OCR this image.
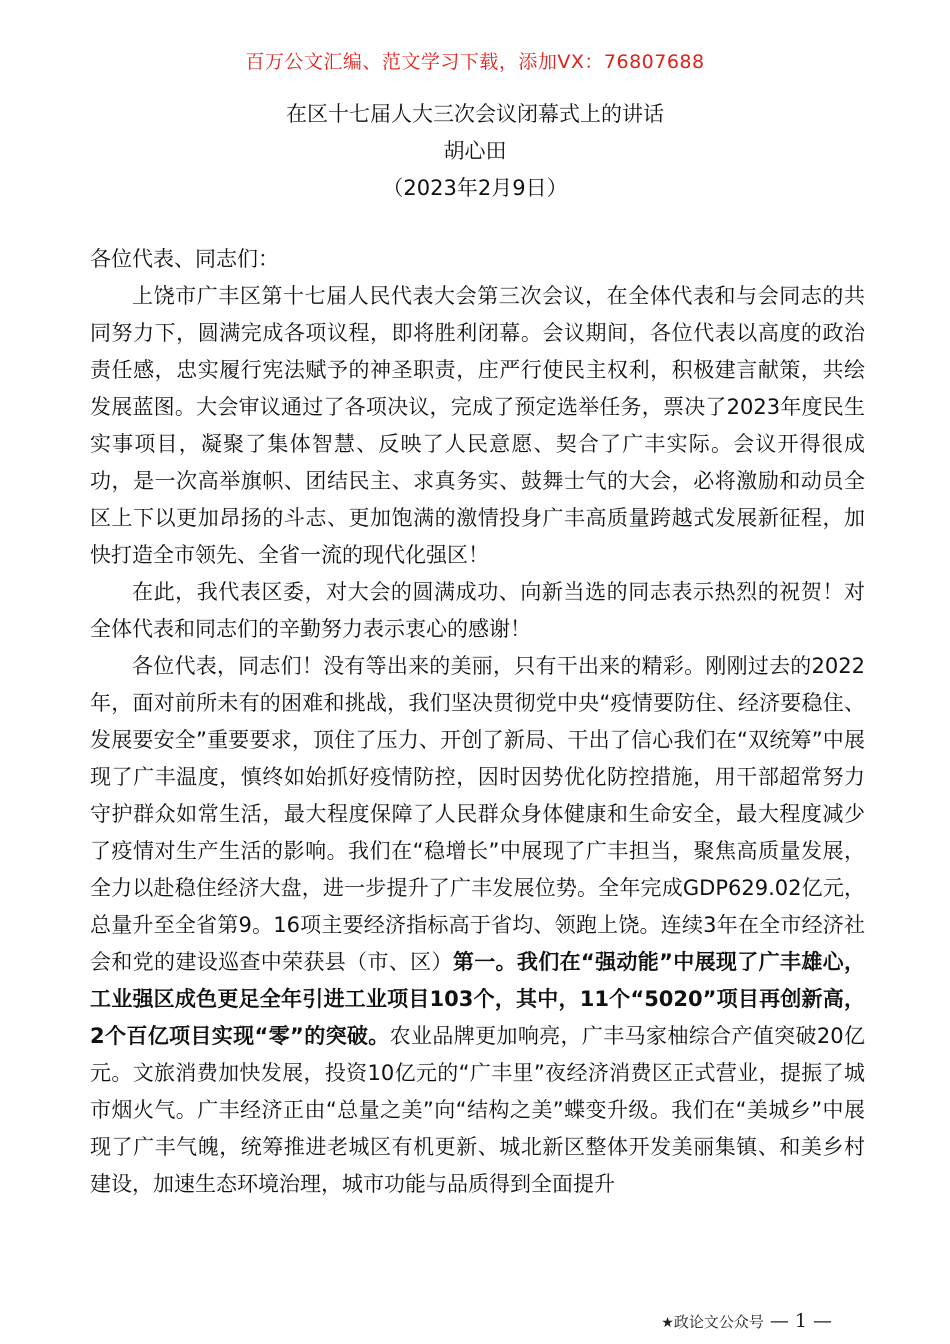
百万公文汇编、范文学习下载，添加VX：76807688
在区十七届人大三次会议闭幕式上的讲话
胡心田
（2023年2月9日）

各位代表、同志们：

上饶市广丰区第十七届人民代表大会第三次会议，在全体代表和与会同志的共同努力下，圆满完成各项议程，即将胜利闭幕。会议期间，各位代表以高度的政治责任感，忠实履行宪法赋予的神圣职责，庄严行使民主权利，积极建言献策，共绘发展蓝图。大会审议通过了各项决议，完成了预定选举任务，票决了2023年度民生实事项目，凝聚了集体智慧、反映了人民意愿、契合了广丰实际。会议开得很成功，是一次高举旗帜、团结民主、求真务实、鼓舞士气的大会，必将激励和动员全区上下以更加昂扬的斗志、更加饱满的激情投身广丰高质量跨越式发展新征程，加快打造全市领先、全省一流的现代化强区！

在此，我代表区委，对大会的圆满成功、向新当选的同志表示热烈的祝贺！对全体代表和同志们的辛勤努力表示衷心的感谢！

各位代表，同志们！没有等出来的美丽，只有干出来的精彩。刚刚过去的2022年，面对前所未有的困难和挑战，我们坚决贯彻党中央“疫情要防住、经济要稳住、发展要安全”重要要求，顶住了压力、开创了新局、干出了信心我们在“双统筹”中展现了广丰温度，慎终如始抓好疫情防控，因时因势优化防控措施，用干部超常努力守护群众如常生活，最大程度保障了人民群众身体健康和生命安全，最大程度减少了疫情对生产生活的影响。我们在“稳增长”中展现了广丰担当，聚焦高质量发展，全力以赴稳住经济大盘，进一步提升了广丰发展位势。全年完成GDP629.02亿元，总量升至全省第9。16项主要经济指标高于省均、领跑上饶。连续3年在全市经济社会和党的建设巡查中荣获县（市、区）第一。我们在“强动能”中展现了广丰雄心，工业强区成色更足全年引进工业项目103个，其中，11个“5020”项目再创新高，2个百亿项目实现“零”的突破。农业品牌更加响亮，广丰马家柚综合产值突破20亿元。文旅消费加快发展，投资10亿元的“广丰里”夜经济消费区正式营业，提振了城市烟火气。广丰经济正由“总量之美”向“结构之美”蝶变升级。我们在“美城乡”中展现了广丰气魄，统筹推进老城区有机更新、城北新区整体开发美丽集镇、和美乡村建设，加速生态环境治理，城市功能与品质得到全面提升

★政论文公众号 — 1 —
